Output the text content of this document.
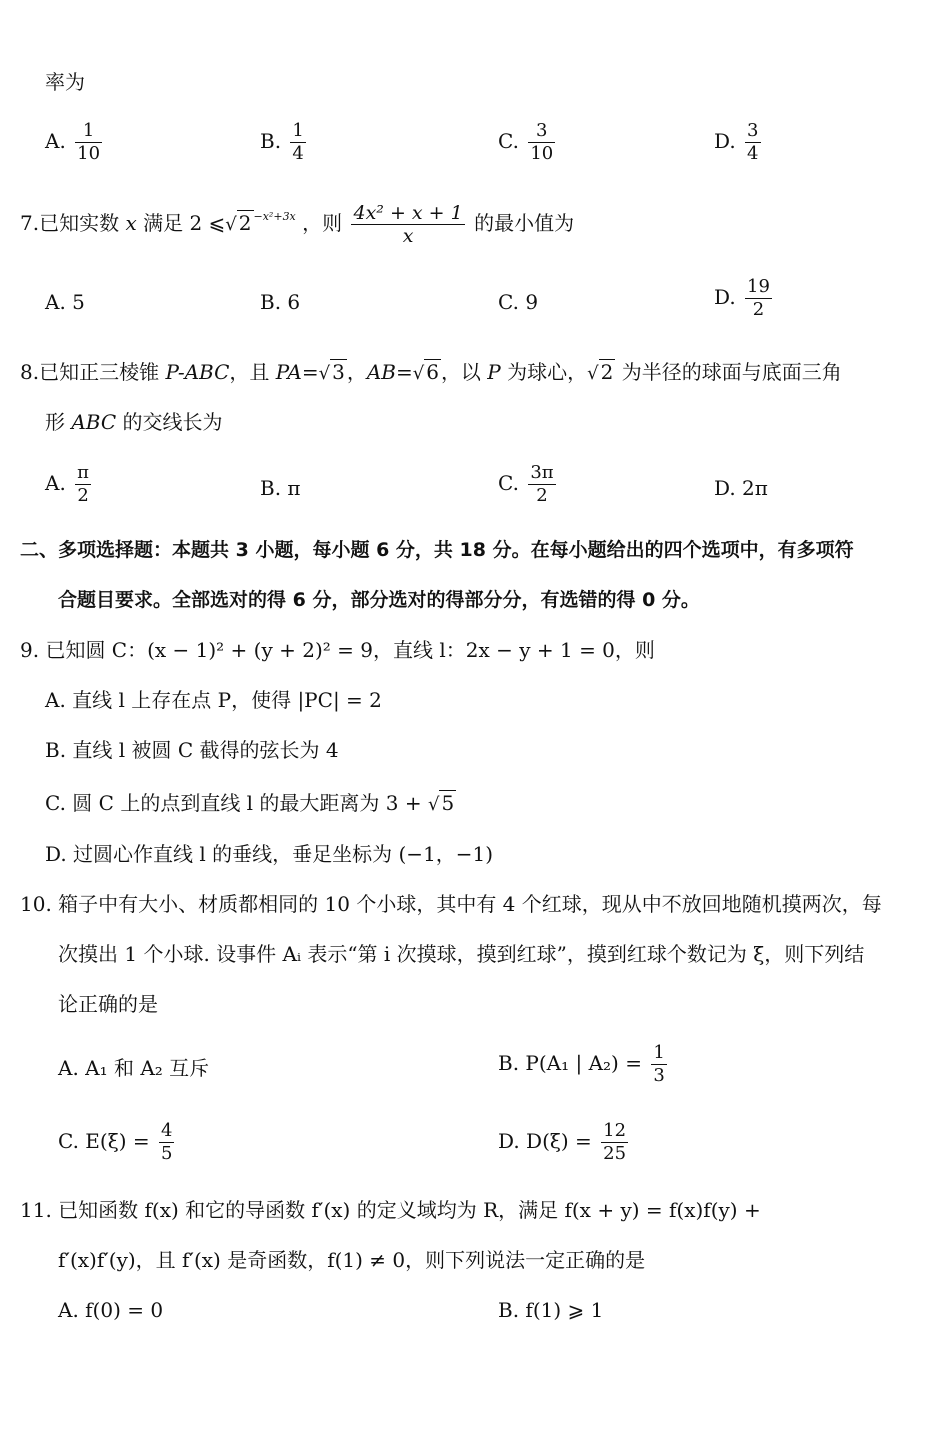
率为
A. $\frac{1}{10}$	B. $\frac{1}{4}$	C. $\frac{3}{10}$	D. $\frac{3}{4}$
7.已知实数 x 满足 2 ⩽√ 2 $^{-x^2+3x}$ ，则 $\frac{\text{4x² + x + 1}}{x}$ 的最小值为
A. 5	B. 6	C. 9	D. $\frac{19}{2}$
8.已知正三棱锥 P-ABC，且 PA=√ 3 ，AB=√ 6 ，以 P 为球心，√ 2 为半径的球面与底面三角
形 ABC 的交线长为
A. $\frac{\pi}{2}$	B. π	C. $\frac{3\pi}{2}$	D. 2π
二、多项选择题：本题共 3 小题，每小题 6 分，共 18 分。在每小题给出的四个选项中，有多项符
合题目要求。全部选对的得 6 分，部分选对的得部分分，有选错的得 0 分。
9. 已知圆 C：(x − 1)² + (y + 2)² = 9，直线 l：2x − y + 1 = 0，则
A. 直线 l 上存在点 P，使得 |PC| = 2
B. 直线 l 被圆 C 截得的弦长为 4
C. 圆 C 上的点到直线 l 的最大距离为 3 + √ 5
D. 过圆心作直线 l 的垂线，垂足坐标为 (−1，−1)
10. 箱子中有大小、材质都相同的 10 个小球，其中有 4 个红球，现从中不放回地随机摸两次，每
次摸出 1 个小球. 设事件 Aᵢ 表示“第 i 次摸球，摸到红球”，摸到红球个数记为 ξ，则下列结
论正确的是
A. A₁ 和 A₂ 互斥	B. P(A₁ | $A_2) = \frac{1}{3}$
C. $E(\xi) = \frac{4}{5}$	D. $D(\xi) = \frac{12}{25}$
11. 已知函数 f(x) 和它的导函数 f′(x) 的定义域均为 R，满足 f(x + y) = f(x)f(y) +
f′(x)f′(y)，且 f′(x) 是奇函数，f(1) ≠ 0，则下列说法一定正确的是
A. f(0) = 0	B. f(1) ⩾ 1
